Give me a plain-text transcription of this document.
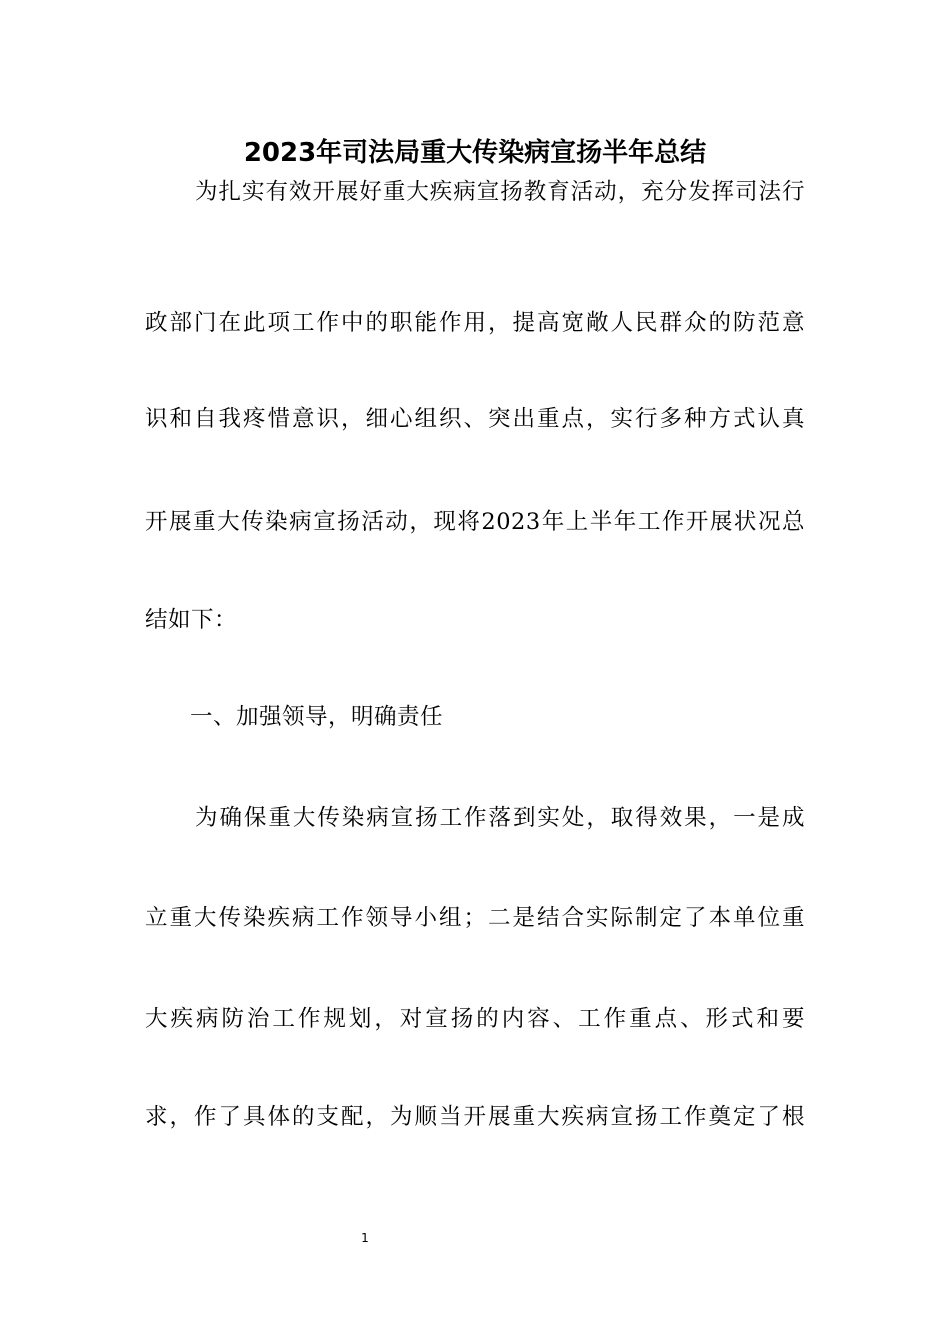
2023年司法局重大传染病宣扬半年总结

为扎实有效开展好重大疾病宣扬教育活动，充分发挥司法行

政部门在此项工作中的职能作用，提高宽敞人民群众的防范意

识和自我疼惜意识，细心组织、突出重点，实行多种方式认真

开展重大传染病宣扬活动，现将2023年上半年工作开展状况总

结如下：

一、加强领导，明确责任

为确保重大传染病宣扬工作落到实处，取得效果，一是成

立重大传染疾病工作领导小组；二是结合实际制定了本单位重

大疾病防治工作规划，对宣扬的内容、工作重点、形式和要

求，作了具体的支配，为顺当开展重大疾病宣扬工作奠定了根

1
